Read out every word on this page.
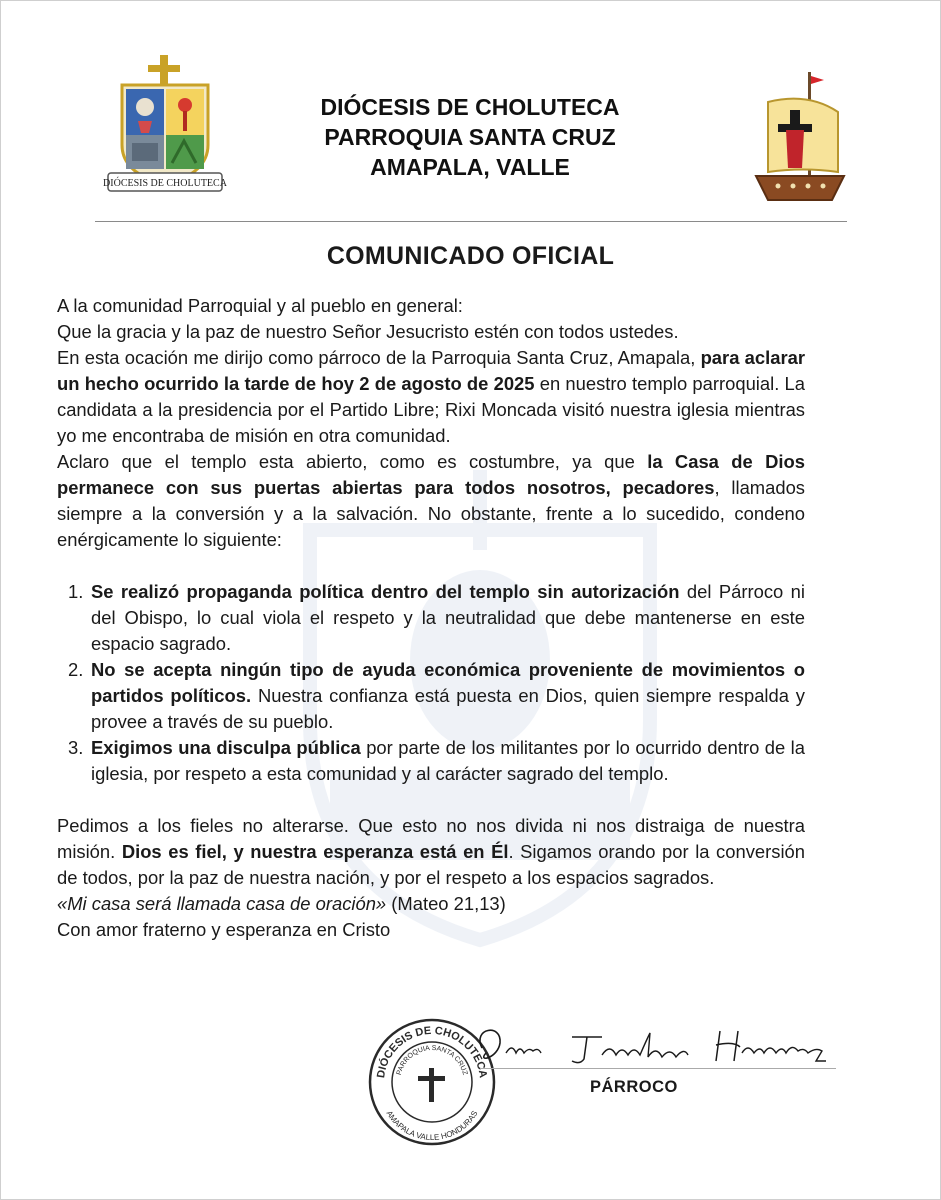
DIÓCESIS DE CHOLUTECA
DIÓCESIS DE CHOLUTECA
PARROQUIA SANTA CRUZ
AMAPALA, VALLE
COMUNICADO OFICIAL

A la comunidad Parroquial y al pueblo en general:

Que la gracia y la paz de nuestro Señor Jesucristo estén con todos ustedes.

En esta ocación me dirijo como párroco de la Parroquia Santa Cruz, Amapala, para aclarar un hecho ocurrido la tarde de hoy 2 de agosto de 2025 en nuestro templo parroquial. La candidata a la presidencia por el Partido Libre; Rixi Moncada visitó nuestra iglesia mientras yo me encontraba de misión en otra comunidad.

Aclaro que el templo esta abierto, como es costumbre, ya que la Casa de Dios permanece con sus puertas abiertas para todos nosotros, pecadores, llamados siempre a la conversión y a la salvación. No obstante, frente a lo sucedido, condeno enérgicamente lo siguiente:

1. Se realizó propaganda política dentro del templo sin autorización del Párroco ni del Obispo, lo cual viola el respeto y la neutralidad que debe mantenerse en este espacio sagrado.
2. No se acepta ningún tipo de ayuda económica proveniente de movimientos o partidos políticos. Nuestra confianza está puesta en Dios, quien siempre respalda y provee a través de su pueblo.
3. Exigimos una disculpa pública por parte de los militantes por lo ocurrido dentro de la iglesia, por respeto a esta comunidad y al carácter sagrado del templo.

Pedimos a los fieles no alterarse. Que esto no nos divida ni nos distraiga de nuestra misión. Dios es fiel, y nuestra esperanza está en Él. Sigamos orando por la conversión de todos, por la paz de nuestra nación, y por el respeto a los espacios sagrados.

«Mi casa será llamada casa de oración» (Mateo 21,13)

Con amor fraterno y esperanza en Cristo

DIÓCESIS DE CHOLUTECA
PARROQUIA SANTA CRUZ
AMAPALA VALLE HONDURAS
PÁRROCO
